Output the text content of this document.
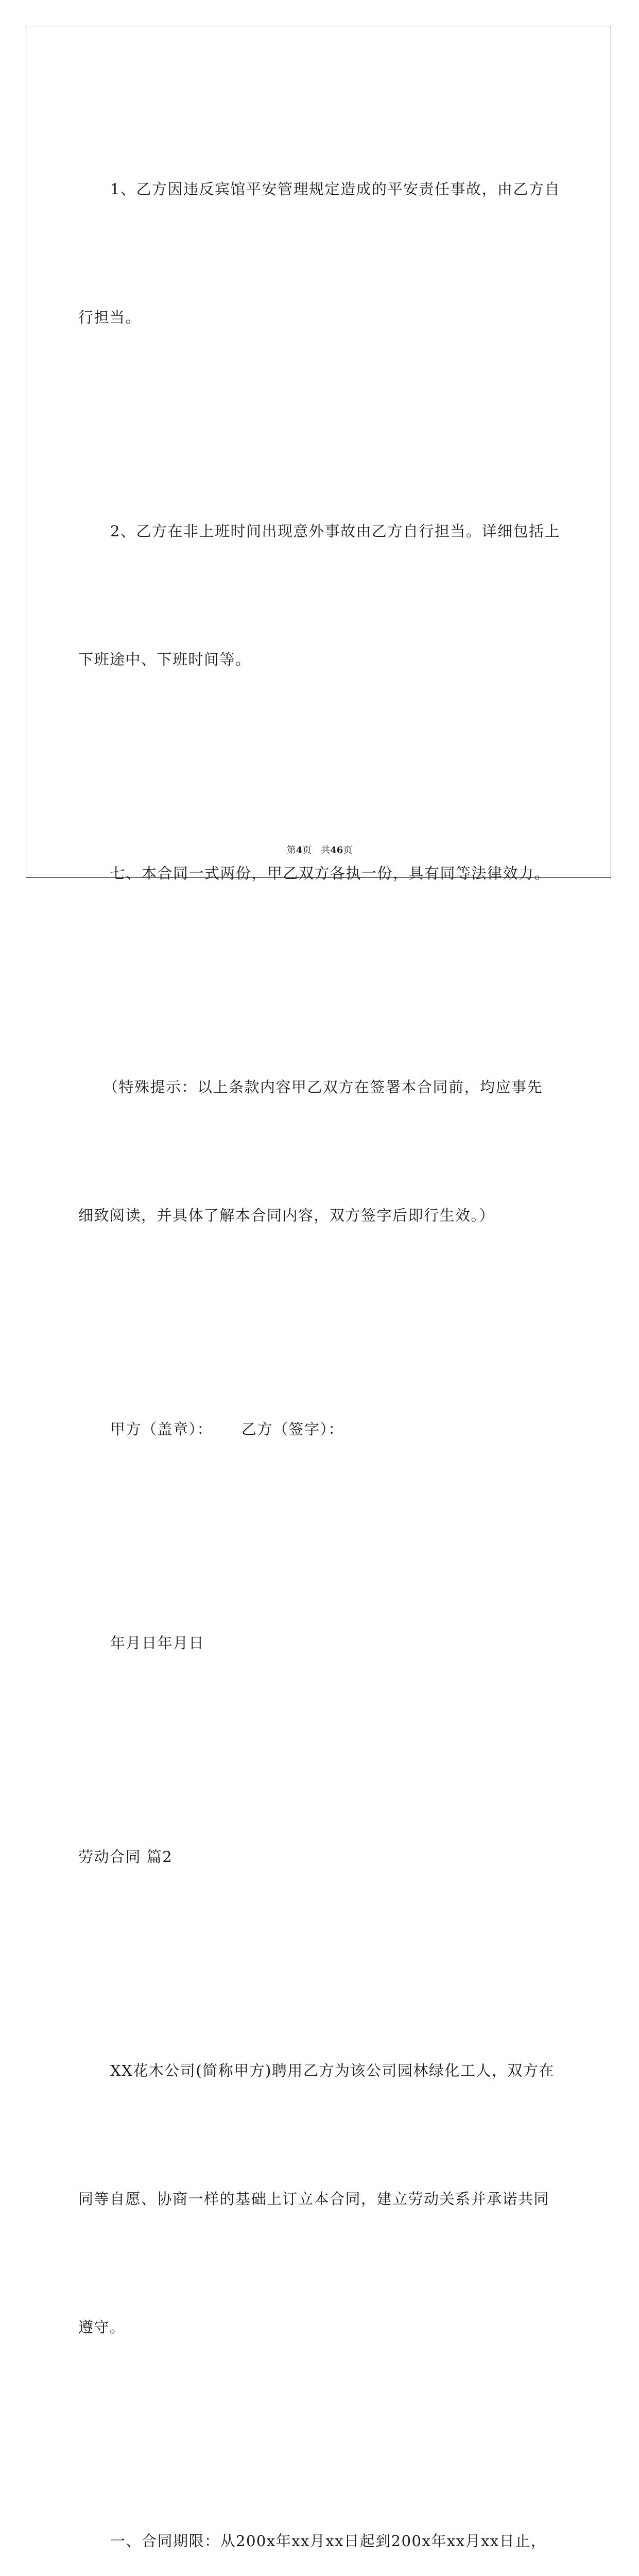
1、乙方因违反宾馆平安管理规定造成的平安责任事故，由乙方自

行担当。

2、乙方在非上班时间出现意外事故由乙方自行担当。详细包括上

下班途中、下班时间等。

七、本合同一式两份，甲乙双方各执一份，具有同等法律效力。

（特殊提示：以上条款内容甲乙双方在签署本合同前，均应事先

细致阅读，并具体了解本合同内容，双方签字后即行生效。）

甲方（盖章）： 乙方（签字）：

年月日年月日

劳动合同 篇2

XX花木公司(简称甲方)聘用乙方为该公司园林绿化工人，双方在

同等自愿、协商一样的基础上订立本合同，建立劳动关系并承诺共同

遵守。

一、合同期限：从200x年xx月xx日起到200x年xx月xx日止，

第4页 共46页
